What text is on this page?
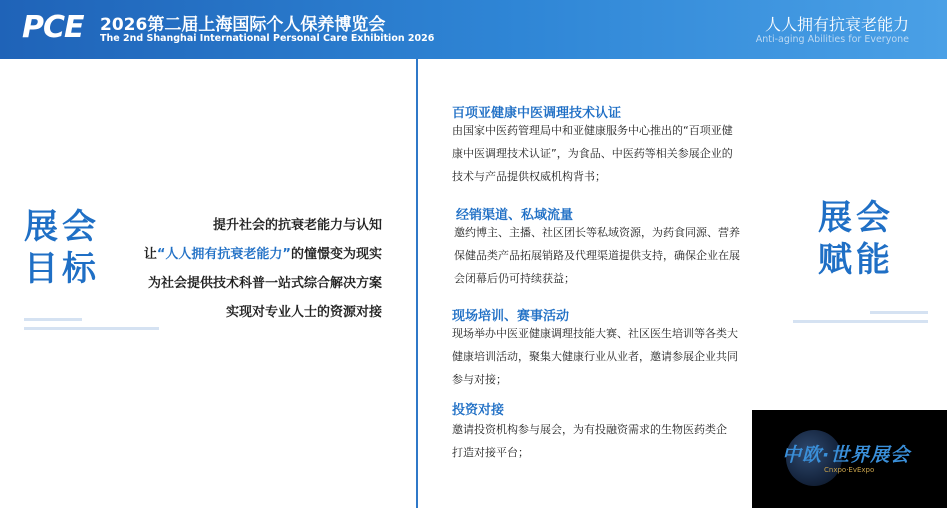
PCE 2026第二届上海国际个人保养博览会
The 2nd Shanghai International Personal Care Exhibition 2026
人人拥有抗衰老能力
Anti-aging Abilities for Everyone
展会
目标
提升社会的抗衰老能力与认知
让“人人拥有抗衰老能力”的憧憬变为现实
为社会提供技术科普一站式综合解决方案
实现对专业人士的资源对接
展会
赋能
百项亚健康中医调理技术认证
由国家中医药管理局中和亚健康服务中心推出的“百项亚健
康中医调理技术认证”，为食品、中医药等相关参展企业的
技术与产品提供权威机构背书；
经销渠道、私域流量
邀约博主、主播、社区团长等私域资源，为药食同源、营养
保健品类产品拓展销路及代理渠道提供支持，确保企业在展
会闭幕后仍可持续获益；
现场培训、赛事活动
现场举办中医亚健康调理技能大赛、社区医生培训等各类大
健康培训活动，聚集大健康行业从业者，邀请参展企业共同
参与对接；
投资对接
邀请投资机构参与展会，为有投融资需求的生物医药类企
打造对接平台；	中欧·世界展会
Cnxpo·EvExpo
